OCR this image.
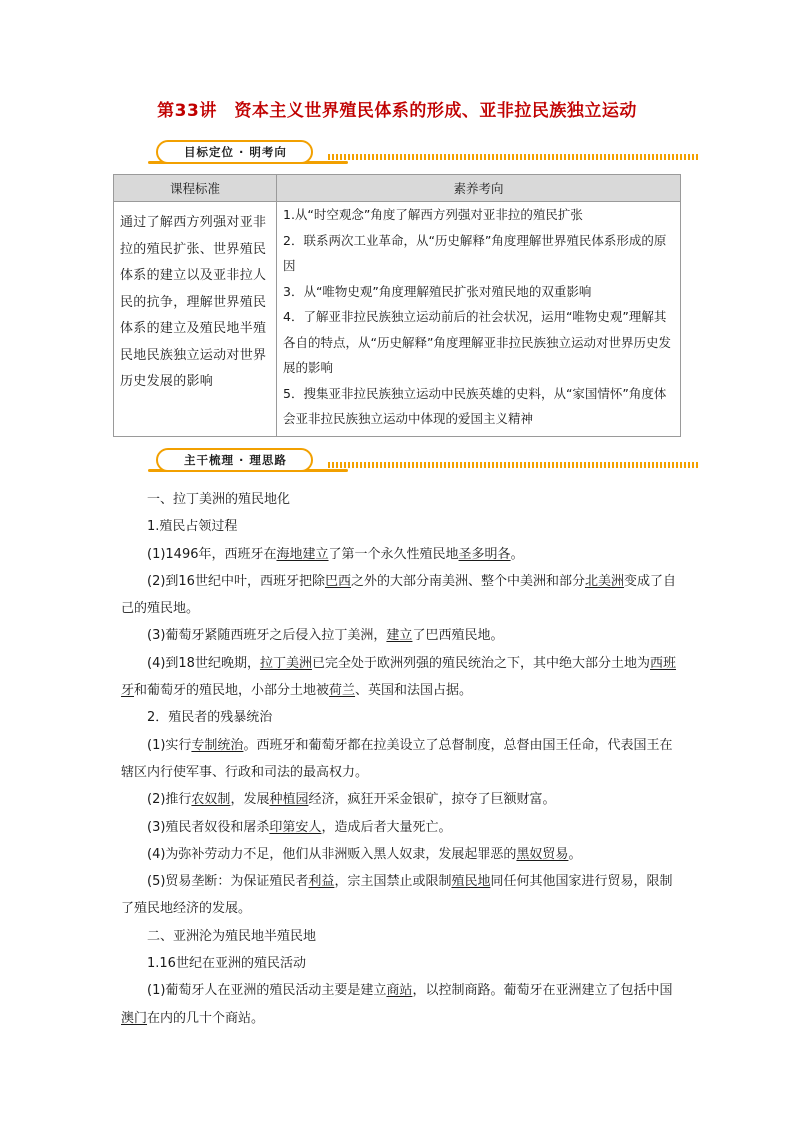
第33讲　资本主义世界殖民体系的形成、亚非拉民族独立运动
目标定位 · 明考向
课程标准	素养考向
通过了解西方列强对亚非拉的殖民扩张、世界殖民体系的建立以及亚非拉人民的抗争，理解世界殖民体系的建立及殖民地半殖民地民族独立运动对世界历史发展的影响	1.从“时空观念”角度了解西方列强对亚非拉的殖民扩张
2．联系两次工业革命，从“历史解释”角度理解世界殖民体系形成的原因
3．从“唯物史观”角度理解殖民扩张对殖民地的双重影响
4．了解亚非拉民族独立运动前后的社会状况，运用“唯物史观”理解其各自的特点，从“历史解释”角度理解亚非拉民族独立运动对世界历史发展的影响
5．搜集亚非拉民族独立运动中民族英雄的史料，从“家国情怀”角度体会亚非拉民族独立运动中体现的爱国主义精神
主干梳理 · 理思路

一、拉丁美洲的殖民地化

1.殖民占领过程

(1)1496年，西班牙在海地建立了第一个永久性殖民地圣多明各。

(2)到16世纪中叶，西班牙把除巴西之外的大部分南美洲、整个中美洲和部分北美洲变成了自己的殖民地。

(3)葡萄牙紧随西班牙之后侵入拉丁美洲，建立了巴西殖民地。

(4)到18世纪晚期，拉丁美洲已完全处于欧洲列强的殖民统治之下，其中绝大部分土地为西班牙和葡萄牙的殖民地，小部分土地被荷兰、英国和法国占据。

2．殖民者的残暴统治

(1)实行专制统治。西班牙和葡萄牙都在拉美设立了总督制度，总督由国王任命，代表国王在辖区内行使军事、行政和司法的最高权力。

(2)推行农奴制，发展种植园经济，疯狂开采金银矿，掠夺了巨额财富。

(3)殖民者奴役和屠杀印第安人，造成后者大量死亡。

(4)为弥补劳动力不足，他们从非洲贩入黑人奴隶，发展起罪恶的黑奴贸易。

(5)贸易垄断：为保证殖民者利益，宗主国禁止或限制殖民地同任何其他国家进行贸易，限制了殖民地经济的发展。

二、亚洲沦为殖民地半殖民地

1.16世纪在亚洲的殖民活动

(1)葡萄牙人在亚洲的殖民活动主要是建立商站，以控制商路。葡萄牙在亚洲建立了包括中国澳门在内的几十个商站。
